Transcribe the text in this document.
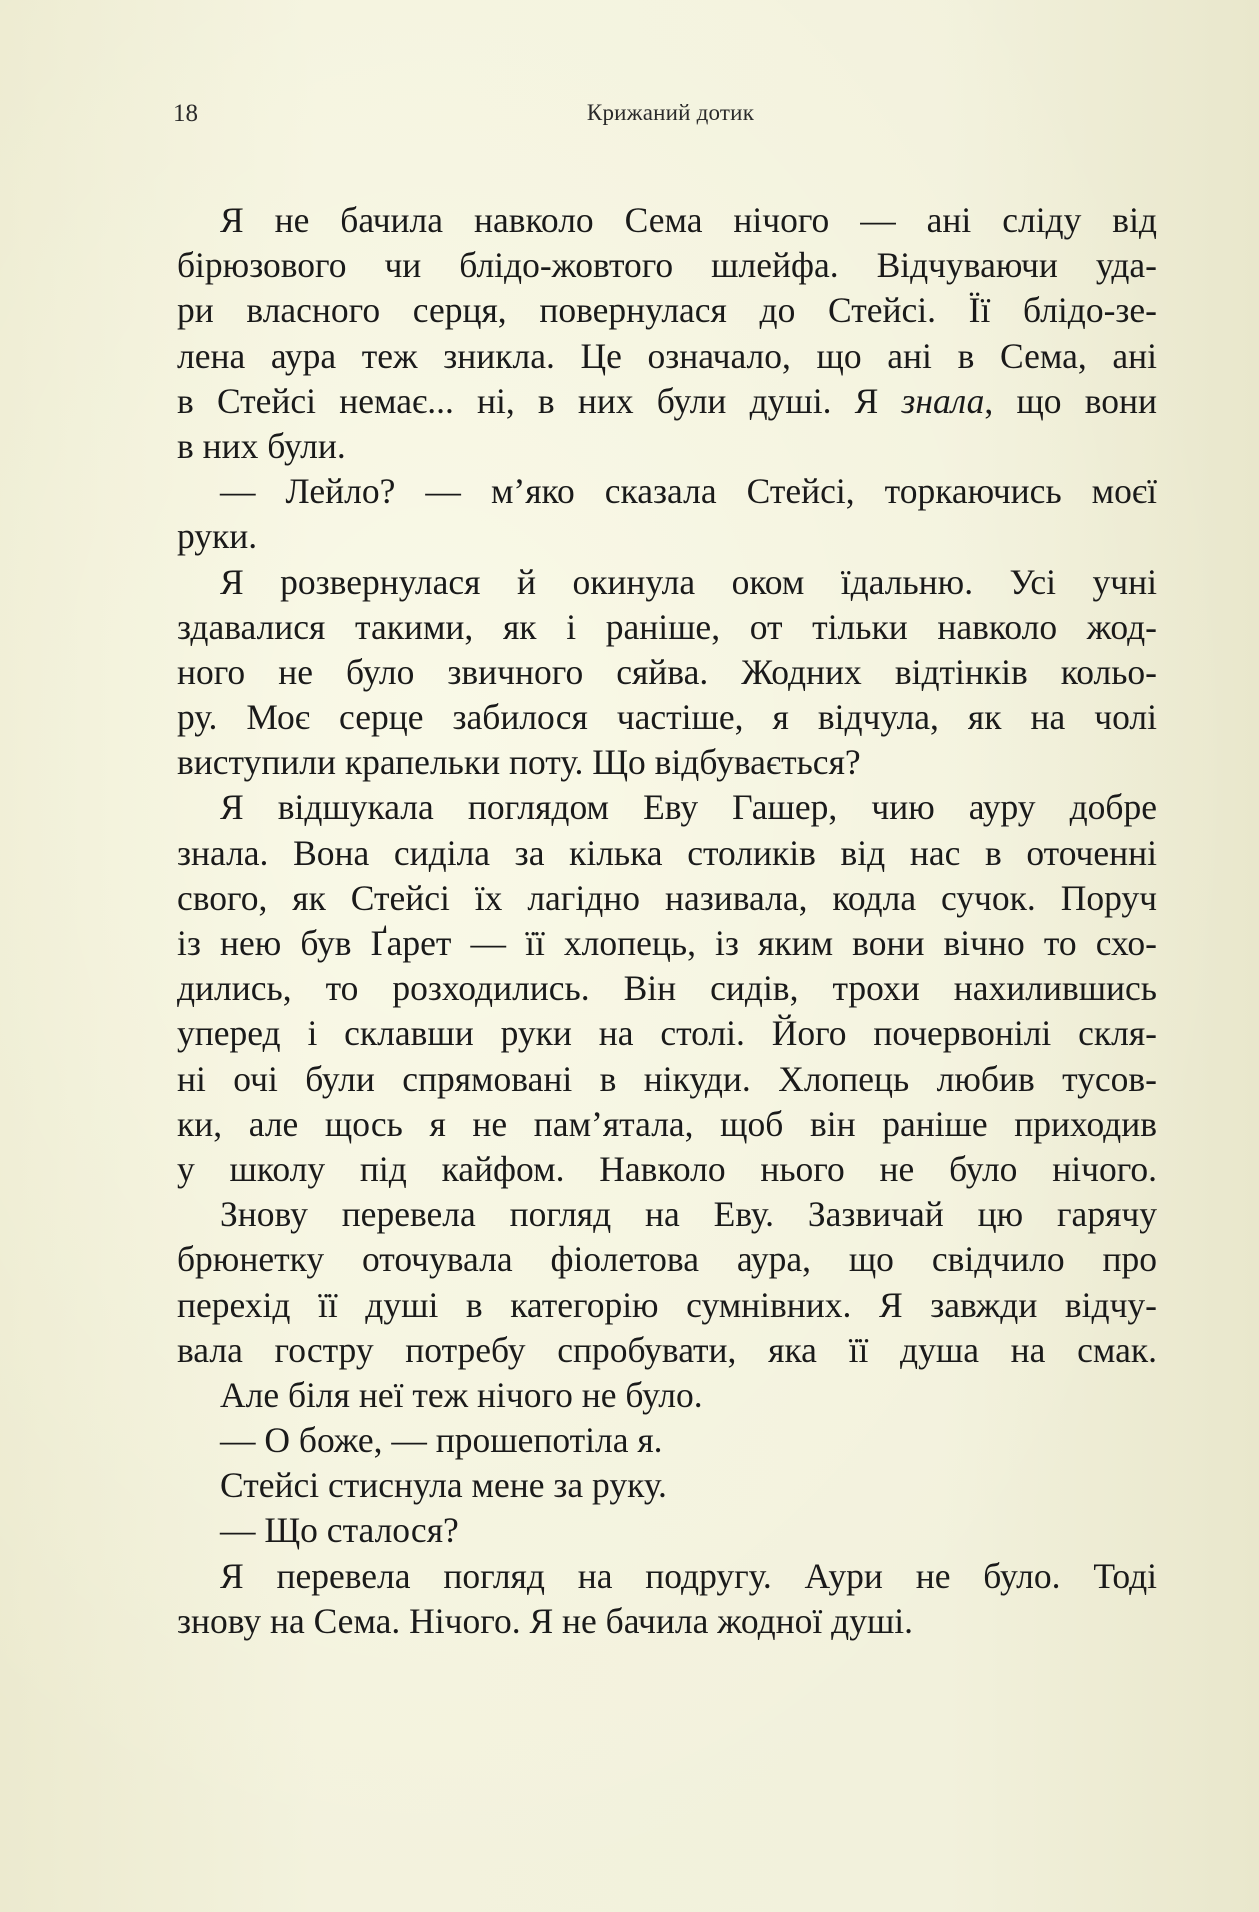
18	Крижаний дотик
Я не бачила навколо Сема нічого — ані сліду від
бірюзового чи блідо-жовтого шлейфа. Відчуваючи уда-
ри власного серця, повернулася до Стейсі. Її блідо-зе-
лена аура теж зникла. Це означало, що ані в Сема, ані
в Стейсі немає... ні, в них були душі. Я знала, що вони
в них були.
— Лейло? — м’яко сказала Стейсі, торкаючись моєї
руки.
Я розвернулася й окинула оком їдальню. Усі учні
здавалися такими, як і раніше, от тільки навколо жод-
ного не було звичного сяйва. Жодних відтінків кольо-
ру. Моє серце забилося частіше, я відчула, як на чолі
виступили крапельки поту. Що відбувається?
Я відшукала поглядом Еву Гашер, чию ауру добре
знала. Вона сиділа за кілька столиків від нас в оточенні
свого, як Стейсі їх лагідно називала, кодла сучок. Поруч
із нею був Ґарет — її хлопець, із яким вони вічно то схо-
дились, то розходились. Він сидів, трохи нахилившись
уперед і склавши руки на столі. Його почервонілі скля-
ні очі були спрямовані в нікуди. Хлопець любив тусов-
ки, але щось я не пам’ятала, щоб він раніше приходив
у школу під кайфом. Навколо нього не було нічого.
Знову перевела погляд на Еву. Зазвичай цю гарячу
брюнетку оточувала фіолетова аура, що свідчило про
перехід її душі в категорію сумнівних. Я завжди відчу-
вала гостру потребу спробувати, яка її душа на смак.
Але біля неї теж нічого не було.
— О боже, — прошепотіла я.
Стейсі стиснула мене за руку.
— Що сталося?
Я перевела погляд на подругу. Аури не було. Тоді
знову на Сема. Нічого. Я не бачила жодної душі.
